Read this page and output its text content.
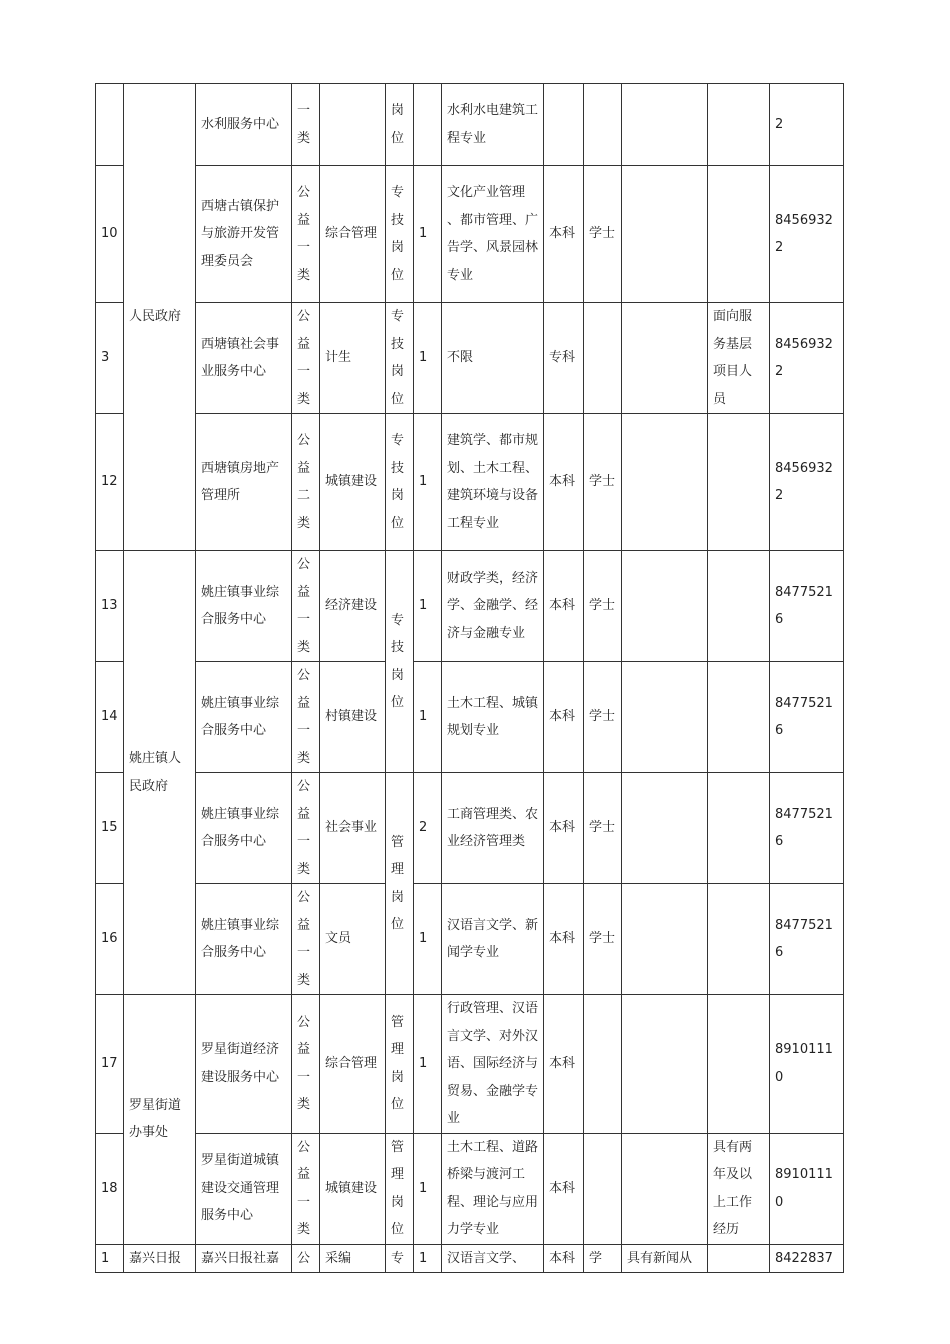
	人民政府	水利服务中心	一类		岗位		水利水电建筑工 程专业					2
10		西塘古镇保护与旅游开发管理委员会	公益一类	综合管理	专技岗位	1	文化产业管理 、都市管理、广告学、风景园林专业	本科	学士			84569322
3		西塘镇社会事业服务中心	公益一类	计生	专技岗位	1	不限	专科			面向服务基层项目人员	84569322
12		西塘镇房地产管理所	公益二类	城镇建设	专技岗位	1	建筑学、都市规划、土木工程、建筑环境与设备工程专业	本科	学士			84569322
13	姚庄镇人民政府	姚庄镇事业综合服务中心	公益一类	经济建设	专技岗位	1	财政学类，经济学、金融学、经济与金融专业	本科	学士			84775216
14		姚庄镇事业综合服务中心	公益一类	村镇建设		1	土木工程、城镇规划专业	本科	学士			84775216
15		姚庄镇事业综合服务中心	公益一类	社会事业	管理岗位	2	工商管理类、农业经济管理类	本科	学士			84775216
16		姚庄镇事业综合服务中心	公益一类	文员		1	汉语言文学、新闻学专业	本科	学士			84775216
17	罗星街道办事处	罗星街道经济建设服务中心	公益一类	综合管理	管理岗位	1	行政管理、汉语言文学、对外汉语、国际经济与贸易、金融学专业	本科				89101110
18		罗星街道城镇建设交通管理服务中心	公益一类	城镇建设	管理岗位	1	土木工程、道路桥梁与渡河工程、理论与应用力学专业	本科			具有两年及以上工作经历	89101110
1	嘉兴日报	嘉兴日报社嘉	公	采编	专	1	汉语言文学、	本科	学	具有新闻从		8422837
